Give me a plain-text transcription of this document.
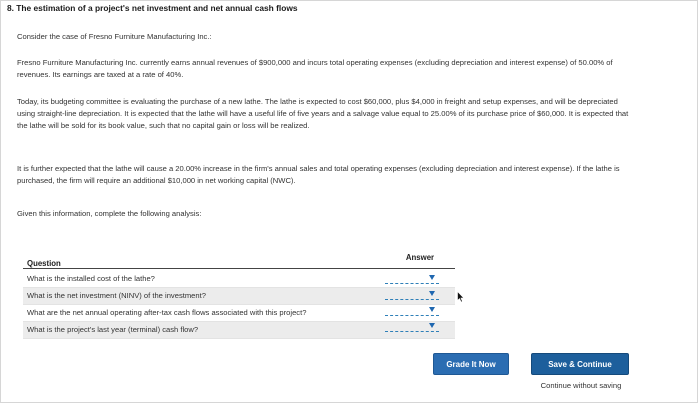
8. The estimation of a project's net investment and net annual cash flows

Consider the case of Fresno Furniture Manufacturing Inc.:

Fresno Furniture Manufacturing Inc. currently earns annual revenues of $900,000 and incurs total operating expenses (excluding depreciation and interest expense) of 50.00% of revenues. Its earnings are taxed at a rate of 40%.

Today, its budgeting committee is evaluating the purchase of a new lathe. The lathe is expected to cost $60,000, plus $4,000 in freight and setup expenses, and will be depreciated using straight-line depreciation. It is expected that the lathe will have a useful life of five years and a salvage value equal to 25.00% of its purchase price of $60,000. It is expected that the lathe will be sold for its book value, such that no capital gain or loss will be realized.

It is further expected that the lathe will cause a 20.00% increase in the firm's annual sales and total operating expenses (excluding depreciation and interest expense). If the lathe is purchased, the firm will require an additional $10,000 in net working capital (NWC).

Given this information, complete the following analysis:

Answer
Question
What is the installed cost of the lathe?
What is the net investment (NINV) of the investment?
What are the net annual operating after-tax cash flows associated with this project?
What is the project's last year (terminal) cash flow?
Grade It Now	Save & Continue
Continue without saving
